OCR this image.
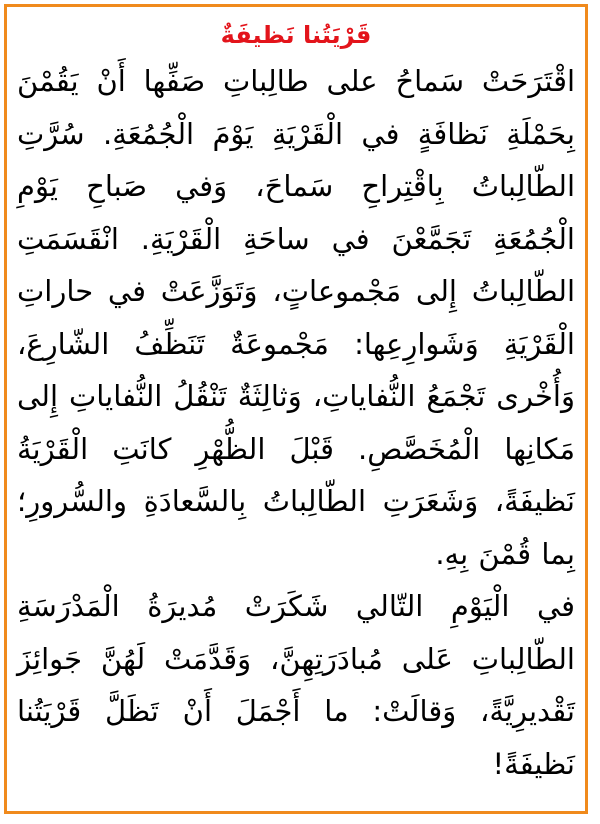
قَرْيَتُنا نَظيفَةٌ

اقْتَرَحَتْ سَماحُ على طالِباتِ صَفِّها أَنْ يَقُمْنَ بِحَمْلَةِ نَظافَةٍ في الْقَرْيَةِ يَوْمَ الْجُمُعَةِ. سُرَّتِ الطّالِباتُ بِاقْتِراحِ سَماحَ، وَفي صَباحِ يَوْمِ الْجُمُعَةِ تَجَمَّعْنَ في ساحَةِ الْقَرْيَةِ. انْقَسَمَتِ الطّالِباتُ إِلى مَجْموعاتٍ، وَتَوَزَّعَتْ في حاراتِ الْقَرْيَةِ وَشَوارِعِها: مَجْموعَةٌ تَنَظِّفُ الشّارِعَ، وَأُخْرى تَجْمَعُ النُّفاياتِ، وَثالِثَةٌ تَنْقُلُ النُّفاياتِ إِلى مَكانِها الْمُخَصَّصِ. قَبْلَ الظُّهْرِ كانَتِ الْقَرْيَةُ نَظيفَةً، وَشَعَرَتِ الطّالِباتُ بِالسَّعادَةِ والسُّرورِ؛ بِما قُمْنَ بِهِ.

في الْيَوْمِ التّالي شَكَرَتْ مُديرَةُ الْمَدْرَسَةِ الطّالِباتِ عَلى مُبادَرَتِهِنَّ، وَقَدَّمَتْ لَهُنَّ جَوائِزَ تَقْديرِيَّةً، وَقالَتْ: ما أَجْمَلَ أَنْ تَظَلَّ قَرْيَتُنا نَظيفَةً!
